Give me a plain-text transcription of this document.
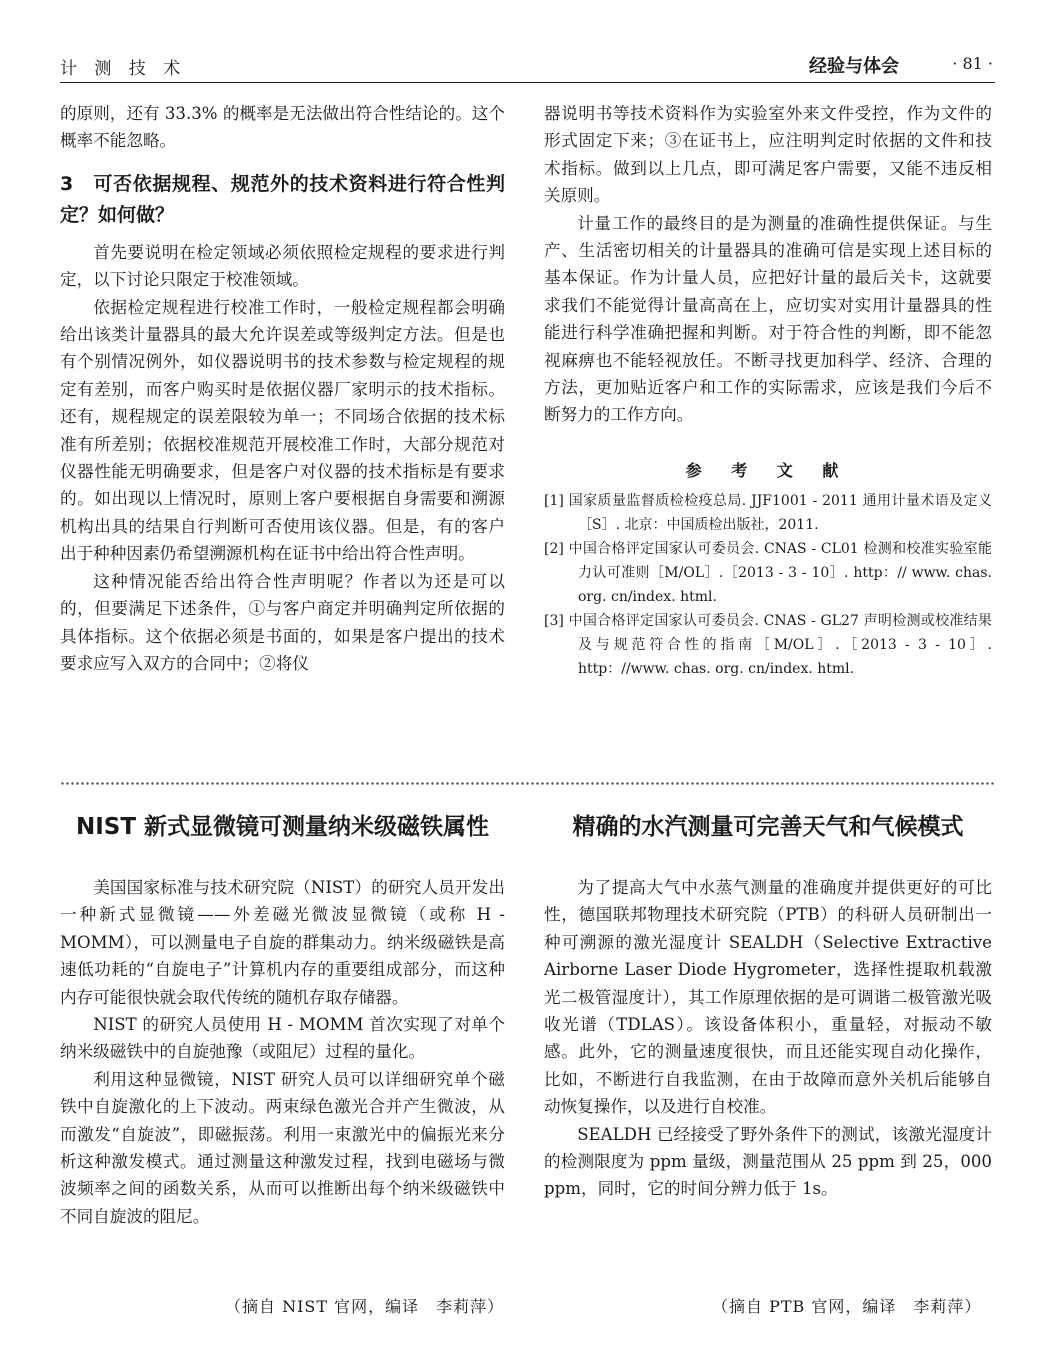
计 测 技 术	经验与体会	· 81 ·

的原则，还有 33.3% 的概率是无法做出符合性结论的。这个概率不能忽略。

3　可否依据规程、规范外的技术资料进行符合性判定？如何做？

首先要说明在检定领域必须依照检定规程的要求进行判定，以下讨论只限定于校准领域。

依据检定规程进行校准工作时，一般检定规程都会明确给出该类计量器具的最大允许误差或等级判定方法。但是也有个别情况例外，如仪器说明书的技术参数与检定规程的规定有差别，而客户购买时是依据仪器厂家明示的技术指标。还有，规程规定的误差限较为单一；不同场合依据的技术标准有所差别；依据校准规范开展校准工作时，大部分规范对仪器性能无明确要求，但是客户对仪器的技术指标是有要求的。如出现以上情况时，原则上客户要根据自身需要和溯源机构出具的结果自行判断可否使用该仪器。但是，有的客户出于种种因素仍希望溯源机构在证书中给出符合性声明。

这种情况能否给出符合性声明呢？作者以为还是可以的，但要满足下述条件，①与客户商定并明确判定所依据的具体指标。这个依据必须是书面的，如果是客户提出的技术要求应写入双方的合同中；②将仪

器说明书等技术资料作为实验室外来文件受控，作为文件的形式固定下来；③在证书上，应注明判定时依据的文件和技术指标。做到以上几点，即可满足客户需要，又能不违反相关原则。

计量工作的最终目的是为测量的准确性提供保证。与生产、生活密切相关的计量器具的准确可信是实现上述目标的基本保证。作为计量人员，应把好计量的最后关卡，这就要求我们不能觉得计量高高在上，应切实对实用计量器具的性能进行科学准确把握和判断。对于符合性的判断，即不能忽视麻痹也不能轻视放任。不断寻找更加科学、经济、合理的方法，更加贴近客户和工作的实际需求，应该是我们今后不断努力的工作方向。

参 考 文 献

[1] 国家质量监督质检检疫总局. JJF1001 - 2011 通用计量术语及定义［S］. 北京：中国质检出版社，2011.

[2] 中国合格评定国家认可委员会. CNAS - CL01 检测和校准实验室能力认可准则［M/OL］.［2013 - 3 - 10］. http：// www. chas. org. cn/index. html.

[3] 中国合格评定国家认可委员会. CNAS - GL27 声明检测或校准结果及与规范符合性的指南［M/OL］.［2013 - 3 - 10］. http：//www. chas. org. cn/index. html.

NIST 新式显微镜可测量纳米级磁铁属性	精确的水汽测量可完善天气和气候模式

美国国家标准与技术研究院（NIST）的研究人员开发出一种新式显微镜——外差磁光微波显微镜（或称 H - MOMM），可以测量电子自旋的群集动力。纳米级磁铁是高速低功耗的“自旋电子”计算机内存的重要组成部分，而这种内存可能很快就会取代传统的随机存取存储器。

NIST 的研究人员使用 H - MOMM 首次实现了对单个纳米级磁铁中的自旋弛豫（或阻尼）过程的量化。

利用这种显微镜，NIST 研究人员可以详细研究单个磁铁中自旋激化的上下波动。两束绿色激光合并产生微波，从而激发“自旋波”，即磁振荡。利用一束激光中的偏振光来分析这种激发模式。通过测量这种激发过程，找到电磁场与微波频率之间的函数关系，从而可以推断出每个纳米级磁铁中不同自旋波的阻尼。

为了提高大气中水蒸气测量的准确度并提供更好的可比性，德国联邦物理技术研究院（PTB）的科研人员研制出一种可溯源的激光湿度计 SEALDH（Selective Extractive Airborne Laser Diode Hygrometer，选择性提取机载激光二极管湿度计），其工作原理依据的是可调谐二极管激光吸收光谱（TDLAS）。该设备体积小，重量轻，对振动不敏感。此外，它的测量速度很快，而且还能实现自动化操作，比如，不断进行自我监测，在由于故障而意外关机后能够自动恢复操作，以及进行自校准。

SEALDH 已经接受了野外条件下的测试，该激光湿度计的检测限度为 ppm 量级，测量范围从 25 ppm 到 25，000 ppm，同时，它的时间分辨力低于 1s。

（摘自 NIST 官网，编译　李莉萍）	（摘自 PTB 官网，编译　李莉萍）
